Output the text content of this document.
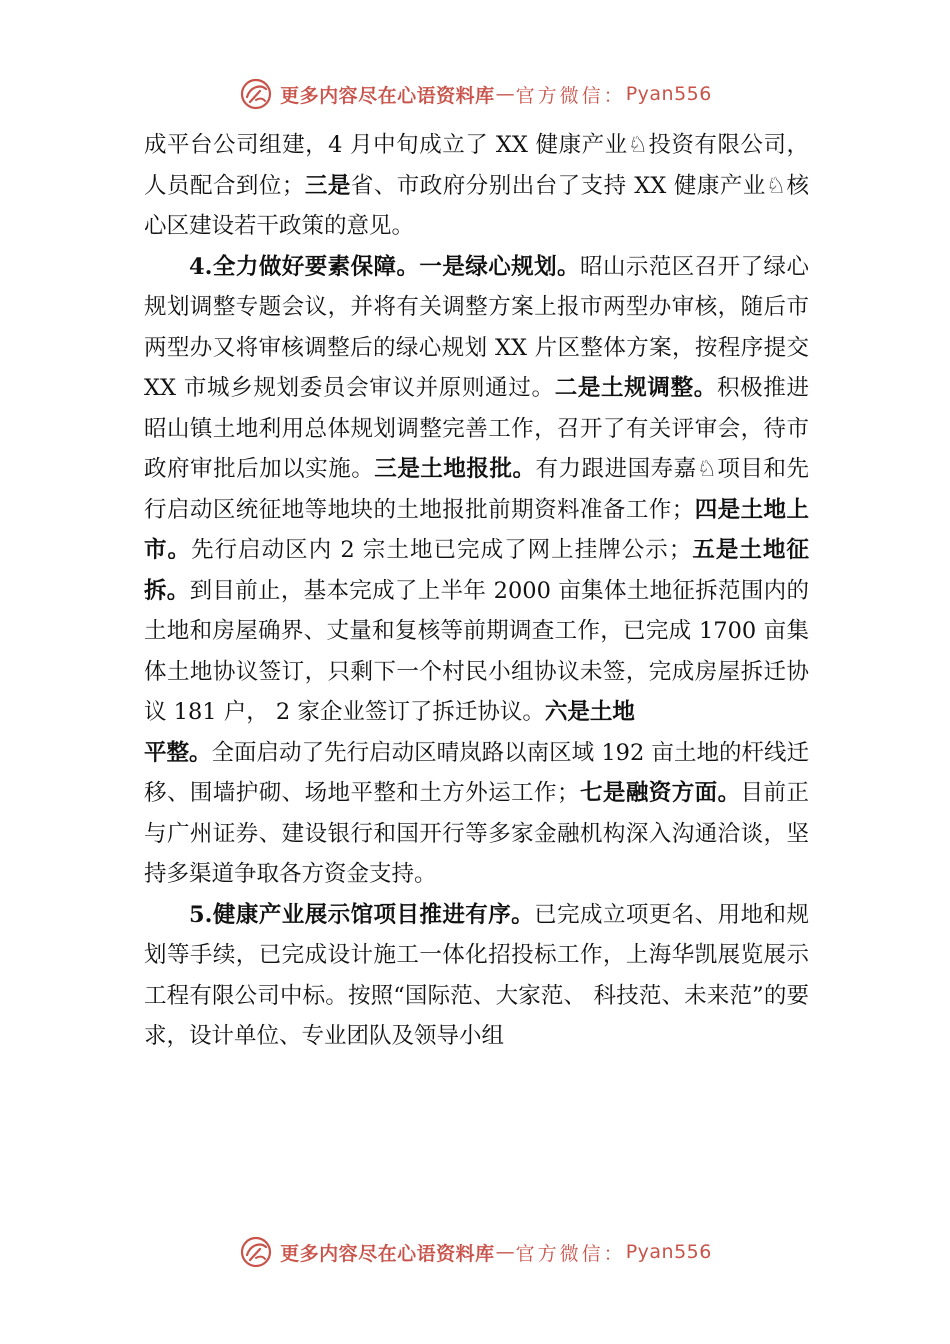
更多内容尽在心语资料库 — 官方微信： Pyan556

成平台公司组建，4 月中旬成立了 XX 健康产业♘投资有限公司，人员配合到位；三是省、市政府分别出台了支持 XX 健康产业♘核心区建设若干政策的意见。

4.全力做好要素保障。一是绿心规划。昭山示范区召开了绿心规划调整专题会议，并将有关调整方案上报市两型办审核，随后市两型办又将审核调整后的绿心规划 XX 片区整体方案，按程序提交 XX 市城乡规划委员会审议并原则通过。二是土规调整。积极推进昭山镇土地利用总体规划调整完善工作，召开了有关评审会，待市政府审批后加以实施。三是土地报批。有力跟进国寿嘉♘项目和先行启动区统征地等地块的土地报批前期资料准备工作；四是土地上市。先行启动区内 2 宗土地已完成了网上挂牌公示；五是土地征拆。到目前止，基本完成了上半年 2000 亩集体土地征拆范围内的土地和房屋确界、丈量和复核等前期调查工作，已完成 1700 亩集体土地协议签订，只剩下一个村民小组协议未签，完成房屋拆迁协议 181 户， 2 家企业签订了拆迁协议。六是土地

平整。全面启动了先行启动区晴岚路以南区域 192 亩土地的杆线迁移、围墙护砌、场地平整和土方外运工作；七是融资方面。目前正与广州证券、建设银行和国开行等多家金融机构深入沟通洽谈，坚持多渠道争取各方资金支持。

5.健康产业展示馆项目推进有序。已完成立项更名、用地和规划等手续，已完成设计施工一体化招投标工作，上海华凯展览展示工程有限公司中标。按照“国际范、大家范、 科技范、未来范”的要求，设计单位、专业团队及领导小组

更多内容尽在心语资料库 — 官方微信： Pyan556
